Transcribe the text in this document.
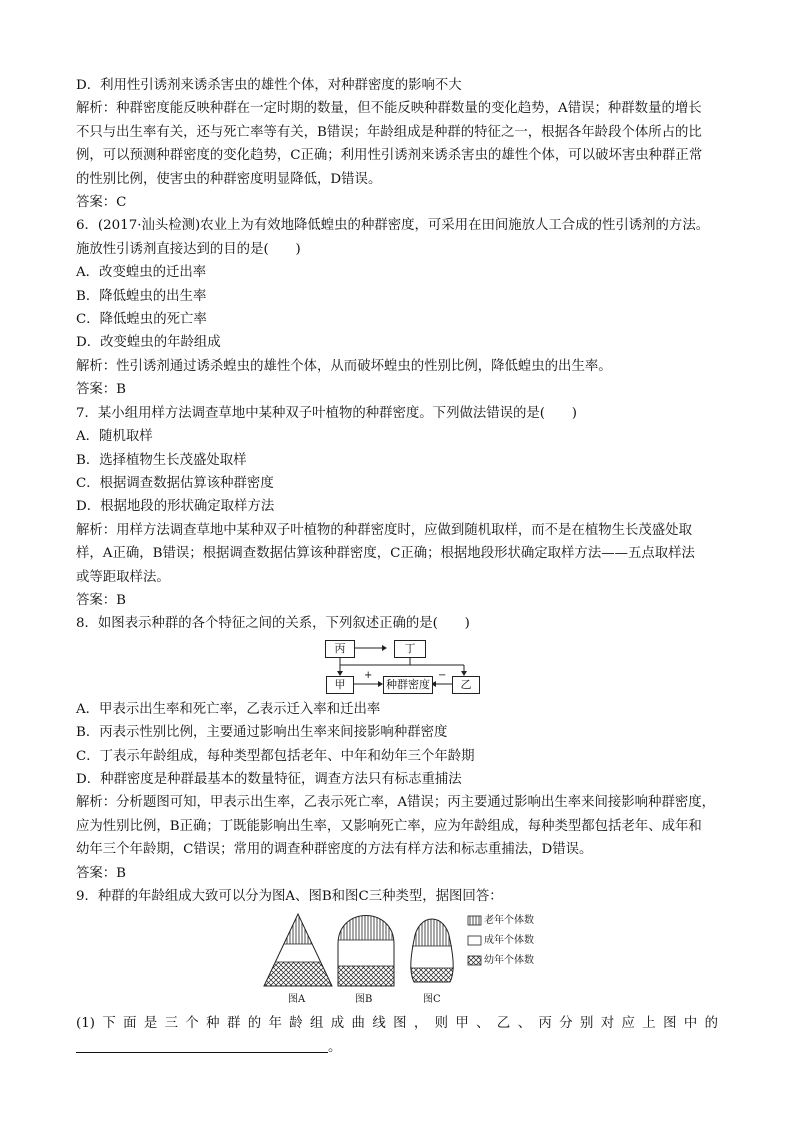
D．利用性引诱剂来诱杀害虫的雄性个体，对种群密度的影响不大

解析：种群密度能反映种群在一定时期的数量，但不能反映种群数量的变化趋势，A错误；种群数量的增长

不只与出生率有关，还与死亡率等有关，B错误；年龄组成是种群的特征之一，根据各年龄段个体所占的比

例，可以预测种群密度的变化趋势，C正确；利用性引诱剂来诱杀害虫的雄性个体，可以破坏害虫种群正常

的性别比例，使害虫的种群密度明显降低，D错误。

答案：C

6．(2017·汕头检测)农业上为有效地降低蝗虫的种群密度，可采用在田间施放人工合成的性引诱剂的方法。

施放性引诱剂直接达到的目的是(　　)

A．改变蝗虫的迁出率

B．降低蝗虫的出生率

C．降低蝗虫的死亡率

D．改变蝗虫的年龄组成

解析：性引诱剂通过诱杀蝗虫的雄性个体，从而破坏蝗虫的性别比例，降低蝗虫的出生率。

答案：B

7．某小组用样方法调查草地中某种双子叶植物的种群密度。下列做法错误的是(　　)

A．随机取样

B．选择植物生长茂盛处取样

C．根据调查数据估算该种群密度

D．根据地段的形状确定取样方法

解析：用样方法调查草地中某种双子叶植物的种群密度时，应做到随机取样，而不是在植物生长茂盛处取

样，A正确，B错误；根据调查数据估算该种群密度，C正确；根据地段形状确定取样方法——五点取样法

或等距取样法。

答案：B

8．如图表示种群的各个特征之间的关系，下列叙述正确的是(　　)

丙	丁
甲	种群密度	乙
+	−

A．甲表示出生率和死亡率，乙表示迁入率和迁出率

B．丙表示性别比例，主要通过影响出生率来间接影响种群密度

C．丁表示年龄组成，每种类型都包括老年、中年和幼年三个年龄期

D．种群密度是种群最基本的数量特征，调查方法只有标志重捕法

解析：分析题图可知，甲表示出生率，乙表示死亡率，A错误；丙主要通过影响出生率来间接影响种群密度，

应为性别比例，B正确；丁既能影响出生率，又影响死亡率，应为年龄组成，每种类型都包括老年、成年和

幼年三个年龄期，C错误；常用的调查种群密度的方法有样方法和标志重捕法，D错误。

答案：B

9．种群的年龄组成大致可以分为图A、图B和图C三种类型，据图回答：

图A	图B	图C
老年个体数
成年个体数
幼年个体数

(1)下面是三个种群的年龄组成曲线图，则甲、乙、丙分别对应上图中的

。
